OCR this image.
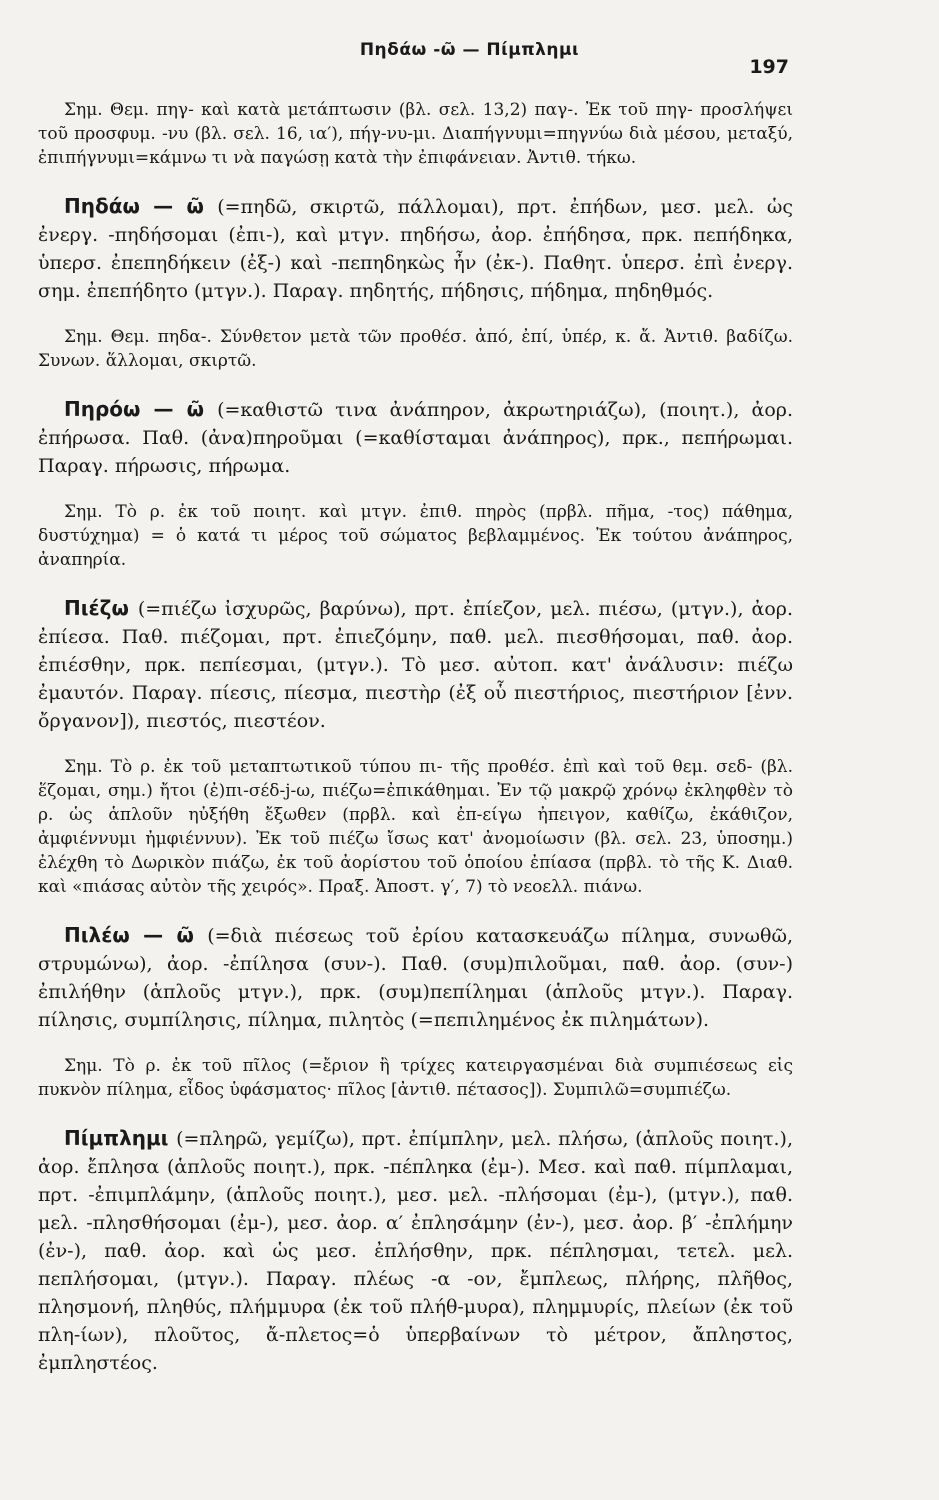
Πηδάω -ῶ — Πίμπλημι
197

Σημ. Θεμ. πηγ- καὶ κατὰ μετάπτωσιν (βλ. σελ. 13,2) παγ-. Ἐκ τοῦ πηγ- προσλήψει τοῦ προσφυμ. -νυ (βλ. σελ. 16, ια′), πήγ-νυ-μι. Διαπήγνυμι=πηγνύω διὰ μέσου, μεταξύ, ἐπιπήγνυμι=κάμνω τι νὰ παγώσῃ κατὰ τὴν ἐπιφάνειαν. Ἀντιθ. τήκω.

Πηδάω — ῶ (=πηδῶ, σκιρτῶ, πάλλομαι), πρτ. ἐπήδων, μεσ. μελ. ὡς ἐνεργ. -πηδήσομαι (ἐπι-), καὶ μτγν. πηδήσω, ἀορ. ἐπήδησα, πρκ. πεπήδηκα, ὑπερσ. ἐπεπηδήκειν (ἐξ-) καὶ -πεπηδηκὼς ἦν (ἐκ-). Παθητ. ὑπερσ. ἐπὶ ἐνεργ. σημ. ἐπεπήδητο (μτγν.). Παραγ. πηδητής, πήδησις, πήδημα, πηδηθμός.

Σημ. Θεμ. πηδα-. Σύνθετον μετὰ τῶν προθέσ. ἀπό, ἐπί, ὑπέρ, κ. ἄ. Ἀντιθ. βαδίζω. Συνων. ἅλλομαι, σκιρτῶ.

Πηρόω — ῶ (=καθιστῶ τινα ἀνάπηρον, ἀκρωτηριάζω), (ποιητ.), ἀορ. ἐπήρωσα. Παθ. (ἀνα)πηροῦμαι (=καθίσταμαι ἀνάπηρος), πρκ., πεπήρωμαι. Παραγ. πήρωσις, πήρωμα.

Σημ. Τὸ ρ. ἐκ τοῦ ποιητ. καὶ μτγν. ἐπιθ. πηρὸς (πρβλ. πῆμα, -τος) πάθημα, δυστύχημα) = ὁ κατά τι μέρος τοῦ σώματος βεβλαμμένος. Ἐκ τούτου ἀνάπηρος, ἀναπηρία.

Πιέζω (=πιέζω ἰσχυρῶς, βαρύνω), πρτ. ἐπίεζον, μελ. πιέσω, (μτγν.), ἀορ. ἐπίεσα. Παθ. πιέζομαι, πρτ. ἐπιεζόμην, παθ. μελ. πιεσθήσομαι, παθ. ἀορ. ἐπιέσθην, πρκ. πεπίεσμαι, (μτγν.). Τὸ μεσ. αὐτοπ. κατ' ἀνάλυσιν: πιέζω ἐμαυτόν. Παραγ. πίεσις, πίεσμα, πιεστὴρ (ἐξ οὗ πιεστήριος, πιεστήριον [ἐνν. ὄργανον]), πιεστός, πιεστέον.

Σημ. Τὸ ρ. ἐκ τοῦ μεταπτωτικοῦ τύπου πι- τῆς προθέσ. ἐπὶ καὶ τοῦ θεμ. σεδ- (βλ. ἕζομαι, σημ.) ἤτοι (ἐ)πι-σέδ-j-ω, πιέζω=ἐπικάθημαι. Ἐν τῷ μακρῷ χρόνῳ ἐκληφθὲν τὸ ρ. ὡς ἁπλοῦν ηὐξήθη ἔξωθεν (πρβλ. καὶ ἐπ-είγω ἠπειγον, καθίζω, ἐκάθιζον, ἀμφιέννυμι ἠμφιέννυν). Ἐκ τοῦ πιέζω ἴσως κατ' ἀνομοίωσιν (βλ. σελ. 23, ὑποσημ.) ἐλέχθη τὸ Δωρικὸν πιάζω, ἐκ τοῦ ἀορίστου τοῦ ὁποίου ἐπίασα (πρβλ. τὸ τῆς Κ. Διαθ. καὶ «πιάσας αὐτὸν τῆς χειρός». Πραξ. Ἀποστ. γ′, 7) τὸ νεοελλ. πιάνω.

Πιλέω — ῶ (=διὰ πιέσεως τοῦ ἐρίου κατασκευάζω πίλημα, συνωθῶ, στρυμώνω), ἀορ. -ἐπίλησα (συν-). Παθ. (συμ)πιλοῦμαι, παθ. ἀορ. (συν-) ἐπιλήθην (ἁπλοῦς μτγν.), πρκ. (συμ)πεπίλημαι (ἁπλοῦς μτγν.). Παραγ. πίλησις, συμπίλησις, πίλημα, πιλητὸς (=πεπιλημένος ἐκ πιλημάτων).

Σημ. Τὸ ρ. ἐκ τοῦ πῖλος (=ἔριον ἢ τρίχες κατειργασμέναι διὰ συμπιέσεως εἰς πυκνὸν πίλημα, εἶδος ὑφάσματος· πῖλος [ἀντιθ. πέτασος]). Συμπιλῶ=συμπιέζω.

Πίμπλημι (=πληρῶ, γεμίζω), πρτ. ἐπίμπλην, μελ. πλήσω, (ἁπλοῦς ποιητ.), ἀορ. ἔπλησα (ἁπλοῦς ποιητ.), πρκ. -πέπληκα (ἐμ-). Μεσ. καὶ παθ. πίμπλαμαι, πρτ. -ἐπιμπλάμην, (ἁπλοῦς ποιητ.), μεσ. μελ. -πλήσομαι (ἐμ-), (μτγν.), παθ. μελ. -πλησθήσομαι (ἐμ-), μεσ. ἀορ. α′ ἐπλησάμην (ἐν-), μεσ. ἀορ. β′ -ἐπλήμην (ἐν-), παθ. ἀορ. καὶ ὡς μεσ. ἐπλήσθην, πρκ. πέπλησμαι, τετελ. μελ. πεπλήσομαι, (μτγν.). Παραγ. πλέως -α -ον, ἔμπλεως, πλήρης, πλῆθος, πλησμονή, πληθύς, πλήμμυρα (ἐκ τοῦ πλήθ-μυρα), πλημμυρίς, πλείων (ἐκ τοῦ πλη-ίων), πλοῦτος, ἄ-πλετος=ὁ ὑπερβαίνων τὸ μέτρον, ἄπληστος, ἐμπληστέος.
